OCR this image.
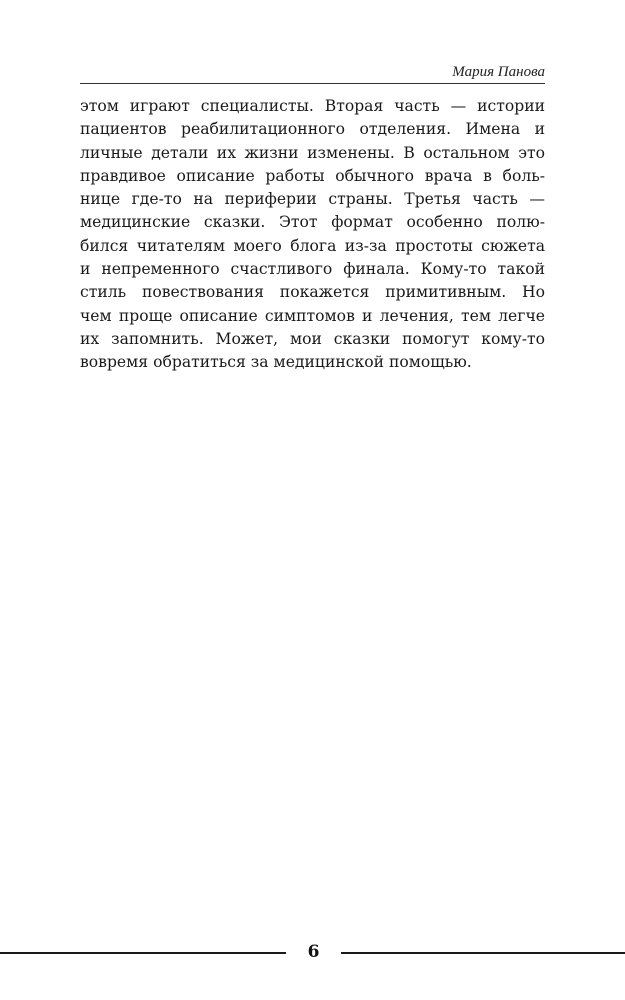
Мария Панова
этом играют специалисты. Вторая часть — истории
пациентов реабилитационного отделения. Имена и
личные детали их жизни изменены. В остальном это
правдивое описание работы обычного врача в боль-
нице где-то на периферии страны. Третья часть —
медицинские сказки. Этот формат особенно полю-
бился читателям моего блога из-за простоты сюжета
и непременного счастливого финала. Кому-то такой
стиль повествования покажется примитивным. Но
чем проще описание симптомов и лечения, тем легче
их запомнить. Может, мои сказки помогут кому-то
вовремя обратиться за медицинской помощью.
6
